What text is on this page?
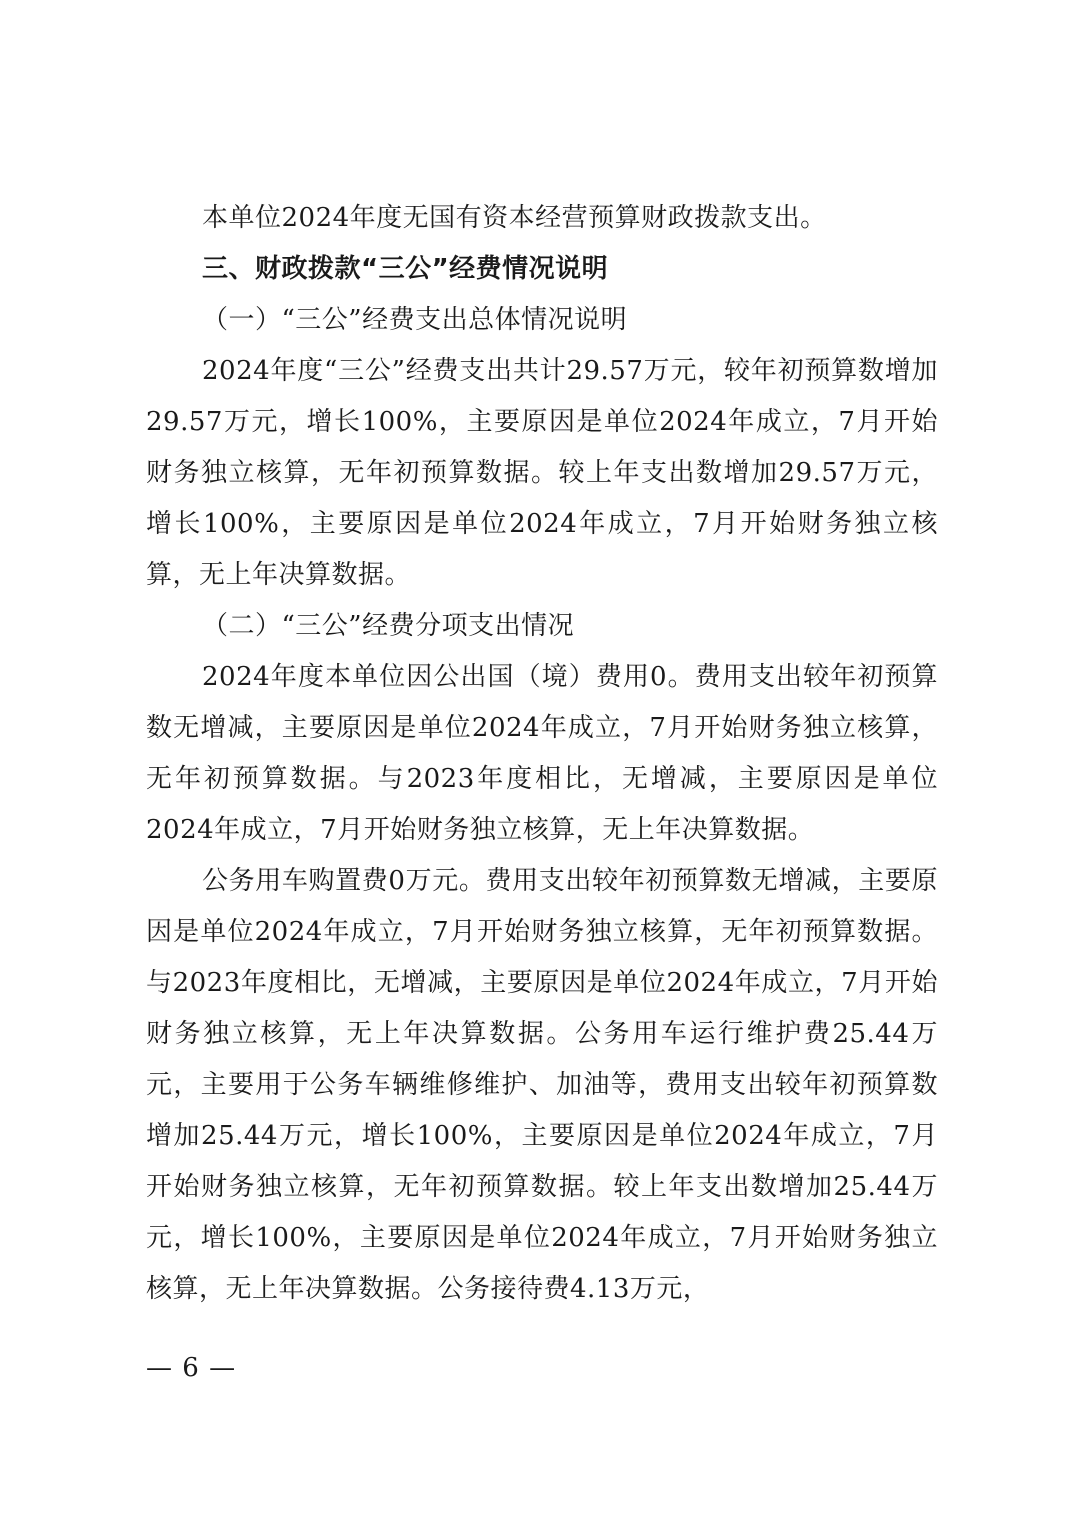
本单位2024年度无国有资本经营预算财政拨款支出。

三、财政拨款“三公”经费情况说明

（一）“三公”经费支出总体情况说明

2024年度“三公”经费支出共计29.57万元，较年初预算数增加29.57万元，增长100%，主要原因是单位2024年成立，7月开始财务独立核算，无年初预算数据。较上年支出数增加29.57万元，增长100%，主要原因是单位2024年成立，7月开始财务独立核算，无上年决算数据。

（二）“三公”经费分项支出情况

2024年度本单位因公出国（境）费用0。费用支出较年初预算数无增减，主要原因是单位2024年成立，7月开始财务独立核算，无年初预算数据。与2023年度相比，无增减，主要原因是单位2024年成立，7月开始财务独立核算，无上年决算数据。

公务用车购置费0万元。费用支出较年初预算数无增减，主要原因是单位2024年成立，7月开始财务独立核算，无年初预算数据。与2023年度相比，无增减，主要原因是单位2024年成立，7月开始财务独立核算，无上年决算数据。公务用车运行维护费25.44万元，主要用于公务车辆维修维护、加油等，费用支出较年初预算数增加25.44万元，增长100%，主要原因是单位2024年成立，7月开始财务独立核算，无年初预算数据。较上年支出数增加25.44万元，增长100%，主要原因是单位2024年成立，7月开始财务独立核算，无上年决算数据。公务接待费4.13万元，

— 6 —
